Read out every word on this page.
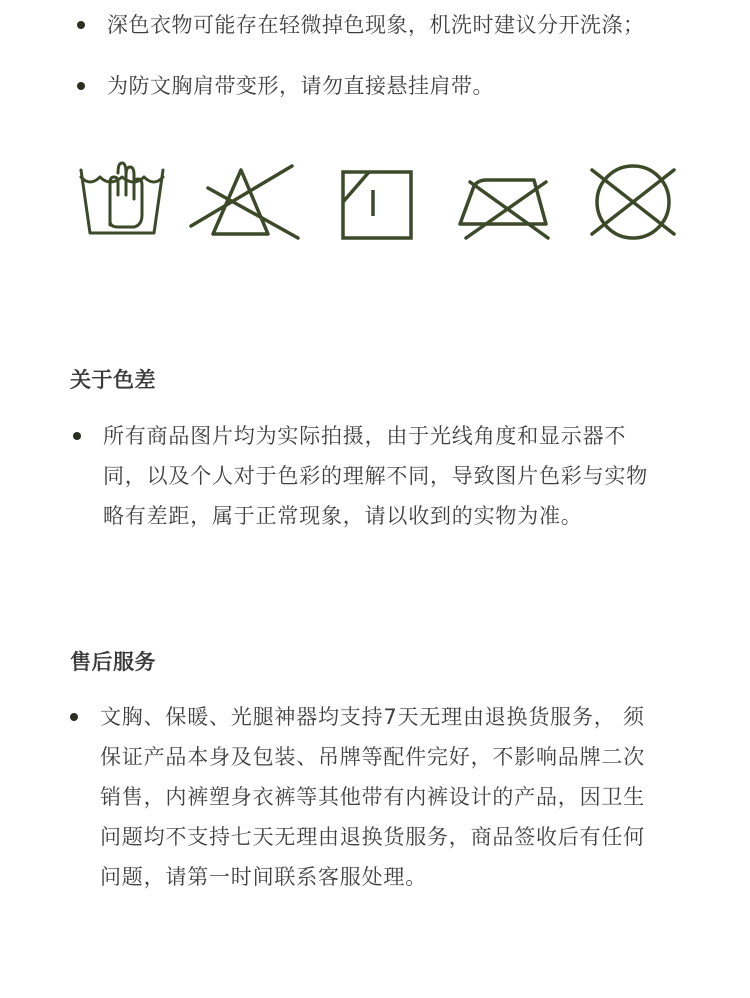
深色衣物可能存在轻微掉色现象，机洗时建议分开洗涤；
为防文胸肩带变形，请勿直接悬挂肩带。
关于色差
所有商品图片均为实际拍摄，由于光线角度和显示器不
同，以及个人对于色彩的理解不同，导致图片色彩与实物
略有差距，属于正常现象，请以收到的实物为准。
售后服务
文胸、保暖、光腿神器均支持7天无理由退换货服务， 须
保证产品本身及包装、吊牌等配件完好，不影响品牌二次
销售，内裤塑身衣裤等其他带有内裤设计的产品，因卫生
问题均不支持七天无理由退换货服务，商品签收后有任何
问题，请第一时间联系客服处理。
